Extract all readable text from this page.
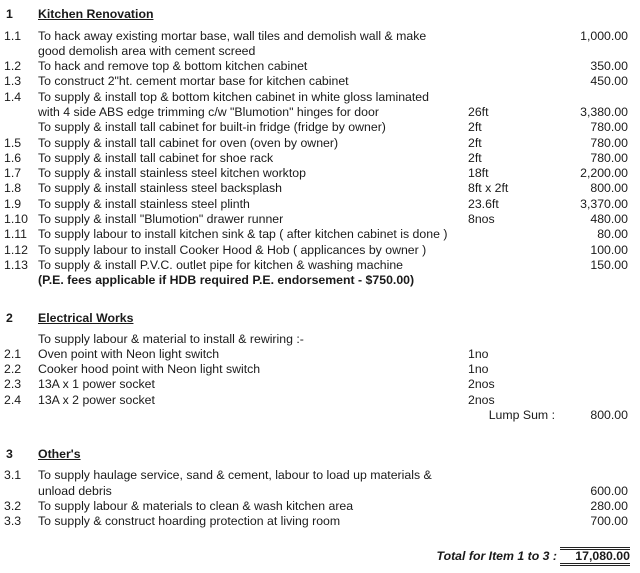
1 Kitchen Renovation
1.1 To hack away existing mortar base, wall tiles and demolish wall & make	1,000.00
good demolish area with cement screed
1.2 To hack and remove top & bottom kitchen cabinet	350.00
1.3 To construct 2"ht. cement mortar base for kitchen cabinet	450.00
1.4 To supply & install top & bottom kitchen cabinet in white gloss laminated
with 4 side ABS edge trimming c/w "Blumotion" hinges for door	26ft	3,380.00
To supply & install tall cabinet for built-in fridge (fridge by owner)	2ft	780.00
1.5 To supply & install tall cabinet for oven (oven by owner)	2ft	780.00
1.6 To supply & install tall cabinet for shoe rack	2ft	780.00
1.7 To supply & install stainless steel kitchen worktop	18ft	2,200.00
1.8 To supply & install stainless steel backsplash	8ft x 2ft	800.00
1.9 To supply & install stainless steel plinth	23.6ft	3,370.00
1.10 To supply & install "Blumotion" drawer runner	8nos	480.00
1.11 To supply labour to install kitchen sink & tap ( after kitchen cabinet is done )	80.00
1.12 To supply labour to install Cooker Hood & Hob ( applicances by owner )	100.00
1.13 To supply & install P.V.C. outlet pipe for kitchen & washing machine	150.00
(P.E. fees applicable if HDB required P.E. endorsement - $750.00)
2 Electrical Works
To supply labour & material to install & rewiring :-
2.1 Oven point with Neon light switch	1no
2.2 Cooker hood point with Neon light switch	1no
2.3 13A x 1 power socket	2nos
2.4 13A x 2 power socket	2nos
Lump Sum :	800.00
3 Other's
3.1 To supply haulage service, sand & cement, labour to load up materials &
unload debris	600.00
3.2 To supply labour & materials to clean & wash kitchen area	280.00
3.3 To supply & construct hoarding protection at living room	700.00
Total for Item 1 to 3 :	17,080.00
